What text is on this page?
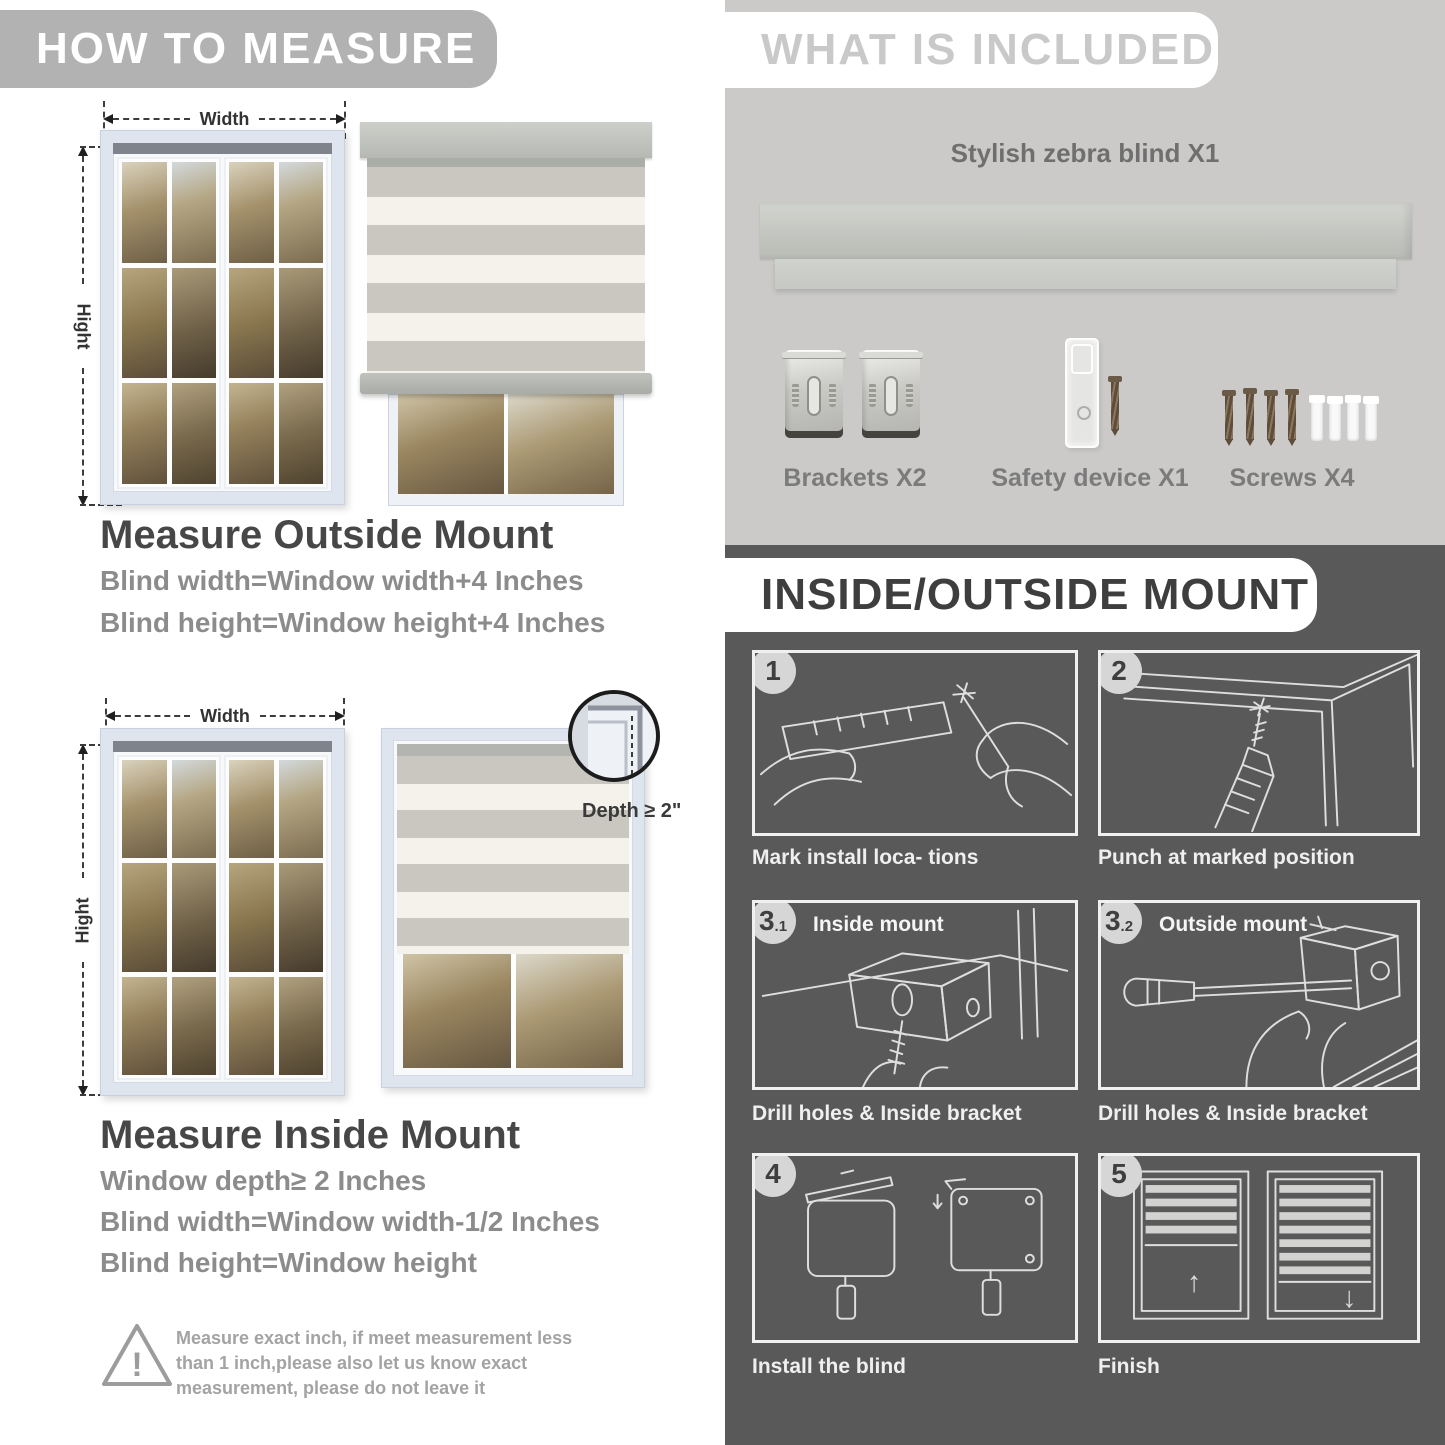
HOW TO MEASURE
Width
Hight
Measure Outside Mount

Blind width=Window width+4 Inches

Blind height=Window height+4 Inches

Width
Hight
Depth ≥ 2"
Measure Inside Mount

Window depth≥ 2 Inches

Blind width=Window width-1/2 Inches

Blind height=Window height

!
Measure exact inch, if meet measurement less
than 1 inch,please also let us know exact
measurement, please do not leave it
WHAT IS INCLUDED
Stylish zebra blind X1

Brackets X2	Safety device X1	Screws X4

INSIDE/OUTSIDE MOUNT
1

Mark install loca- tions

2

Punch at marked position

3 .1 Inside mount

Drill holes & Inside bracket

3 .2 Outside mount

Drill holes & Inside bracket

4

Install the blind

5
↑	↓

Finish
